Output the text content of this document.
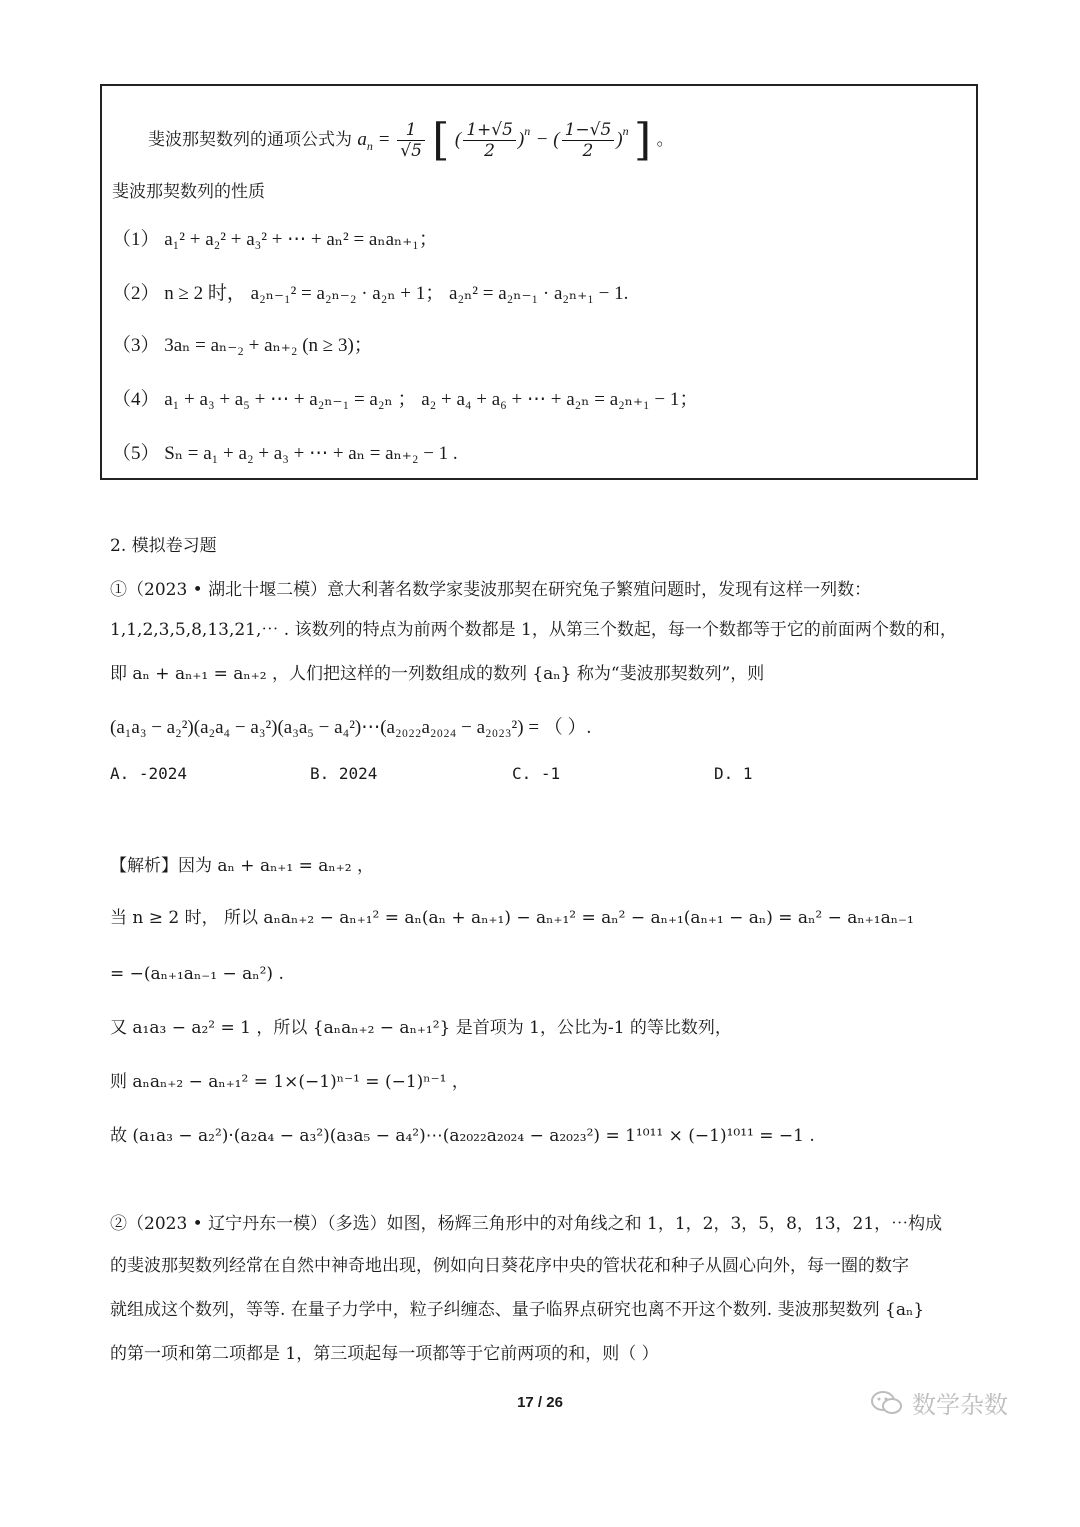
斐波那契数列的通项公式为 $a_n = \frac{1}{√5}$ [ ( $\frac{1+√5}{2} )^n$ − ( $\frac{1-√5}{2} )^n$ ] 。
斐波那契数列的性质
（1） a₁² + a₂² + a₃² + ⋯ + aₙ² = aₙaₙ₊₁；
（2） n ≥ 2 时， a₂ₙ₋₁² = a₂ₙ₋₂ · a₂ₙ + 1； a₂ₙ² = a₂ₙ₋₁ · a₂ₙ₊₁ − 1.
（3） 3aₙ = aₙ₋₂ + aₙ₊₂ (n ≥ 3)；
（4） a₁ + a₃ + a₅ + ⋯ + a₂ₙ₋₁ = a₂ₙ ； a₂ + a₄ + a₆ + ⋯ + a₂ₙ = a₂ₙ₊₁ − 1；
（5） Sₙ = a₁ + a₂ + a₃ + ⋯ + aₙ = aₙ₊₂ − 1 .
2. 模拟卷习题
①（2023 • 湖北十堰二模）意大利著名数学家斐波那契在研究兔子繁殖问题时，发现有这样一列数：
1,1,2,3,5,8,13,21,⋯ . 该数列的特点为前两个数都是 1，从第三个数起，每一个数都等于它的前面两个数的和，
即 aₙ + aₙ₊₁ = aₙ₊₂ ，人们把这样的一列数组成的数列 {aₙ} 称为“斐波那契数列”，则
(a₁a₃ − a₂²)(a₂a₄ − a₃²)(a₃a₅ − a₄²)⋯(a₂₀₂₂a₂₀₂₄ − a₂₀₂₃²) = （ ）.
A. -2024	B. 2024	C. -1	D. 1
【解析】因为 aₙ + aₙ₊₁ = aₙ₊₂ ，
当 n ≥ 2 时， 所以 aₙaₙ₊₂ − aₙ₊₁² = aₙ(aₙ + aₙ₊₁) − aₙ₊₁² = aₙ² − aₙ₊₁(aₙ₊₁ − aₙ) = aₙ² − aₙ₊₁aₙ₋₁
= −(aₙ₊₁aₙ₋₁ − aₙ²) .
又 a₁a₃ − a₂² = 1 ，所以 {aₙaₙ₊₂ − aₙ₊₁²} 是首项为 1，公比为-1 的等比数列，
则 aₙaₙ₊₂ − aₙ₊₁² = 1×(−1)ⁿ⁻¹ = (−1)ⁿ⁻¹ ，
故 (a₁a₃ − a₂²)·(a₂a₄ − a₃²)(a₃a₅ − a₄²)⋯(a₂₀₂₂a₂₀₂₄ − a₂₀₂₃²) = 1¹⁰¹¹ × (−1)¹⁰¹¹ = −1 .
②（2023 • 辽宁丹东一模）（多选）如图，杨辉三角形中的对角线之和 1，1，2，3，5，8，13，21，⋯构成
的斐波那契数列经常在自然中神奇地出现，例如向日葵花序中央的管状花和种子从圆心向外，每一圈的数字
就组成这个数列，等等. 在量子力学中，粒子纠缠态、量子临界点研究也离不开这个数列. 斐波那契数列 {aₙ}
的第一项和第二项都是 1，第三项起每一项都等于它前两项的和，则（ ）
17 / 26	数学杂数
